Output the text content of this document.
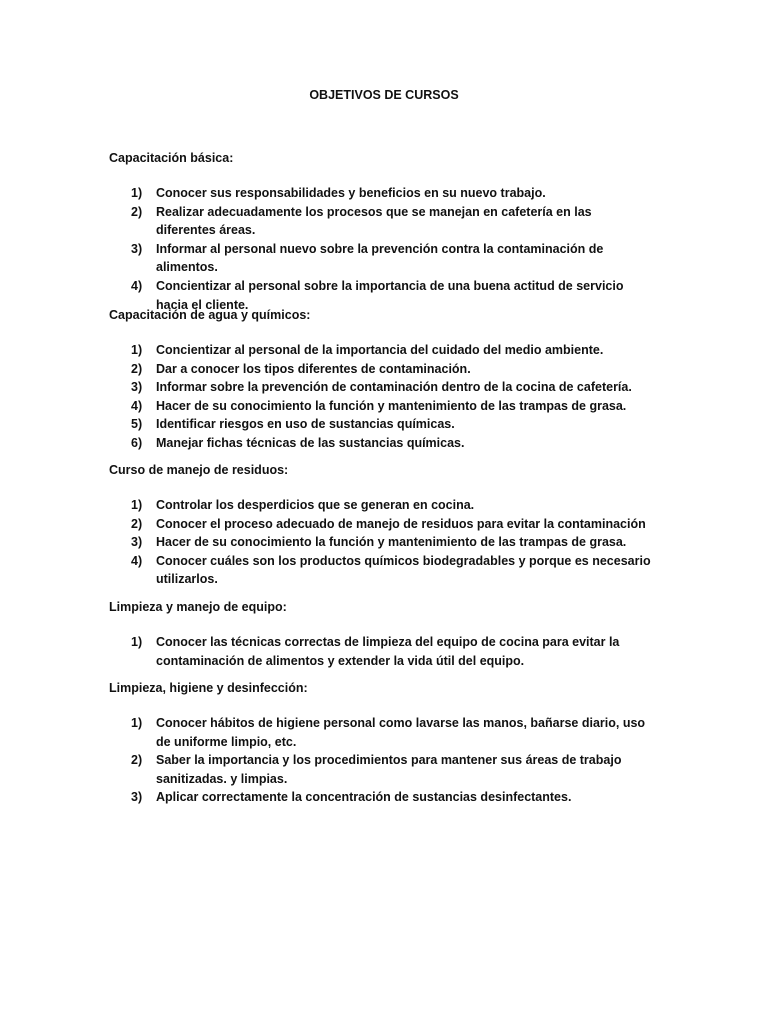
OBJETIVOS DE CURSOS

Capacitación básica:

1) Conocer sus responsabilidades y beneficios en su nuevo trabajo.
2) Realizar adecuadamente los procesos que se manejan en cafetería en las diferentes áreas.
3) Informar al personal nuevo sobre la prevención contra la contaminación de alimentos.
4) Concientizar al personal sobre la importancia de una buena actitud de servicio hacia el cliente.

Capacitación de agua y químicos:

1) Concientizar al personal de la importancia del cuidado del medio ambiente.
2) Dar a conocer los tipos diferentes de contaminación.
3) Informar sobre la prevención de contaminación dentro de la cocina de cafetería.
4) Hacer de su conocimiento la función y mantenimiento de las trampas de grasa.
5) Identificar riesgos en uso de sustancias químicas.
6) Manejar fichas técnicas de las sustancias químicas.

Curso de manejo de residuos:

1) Controlar los desperdicios que se generan en cocina.
2) Conocer el proceso adecuado de manejo de residuos para evitar la contaminación
3) Hacer de su conocimiento la función y mantenimiento de las trampas de grasa.
4) Conocer cuáles son los productos químicos biodegradables y porque es necesario utilizarlos.

Limpieza y manejo de equipo:

1) Conocer las técnicas correctas de limpieza del equipo de cocina para evitar la contaminación de alimentos y extender la vida útil del equipo.

Limpieza, higiene y desinfección:

1) Conocer hábitos de higiene personal como lavarse las manos, bañarse diario, uso de uniforme limpio, etc.
2) Saber la importancia y los procedimientos para mantener sus áreas de trabajo sanitizadas. y limpias.
3) Aplicar correctamente la concentración de sustancias desinfectantes.
